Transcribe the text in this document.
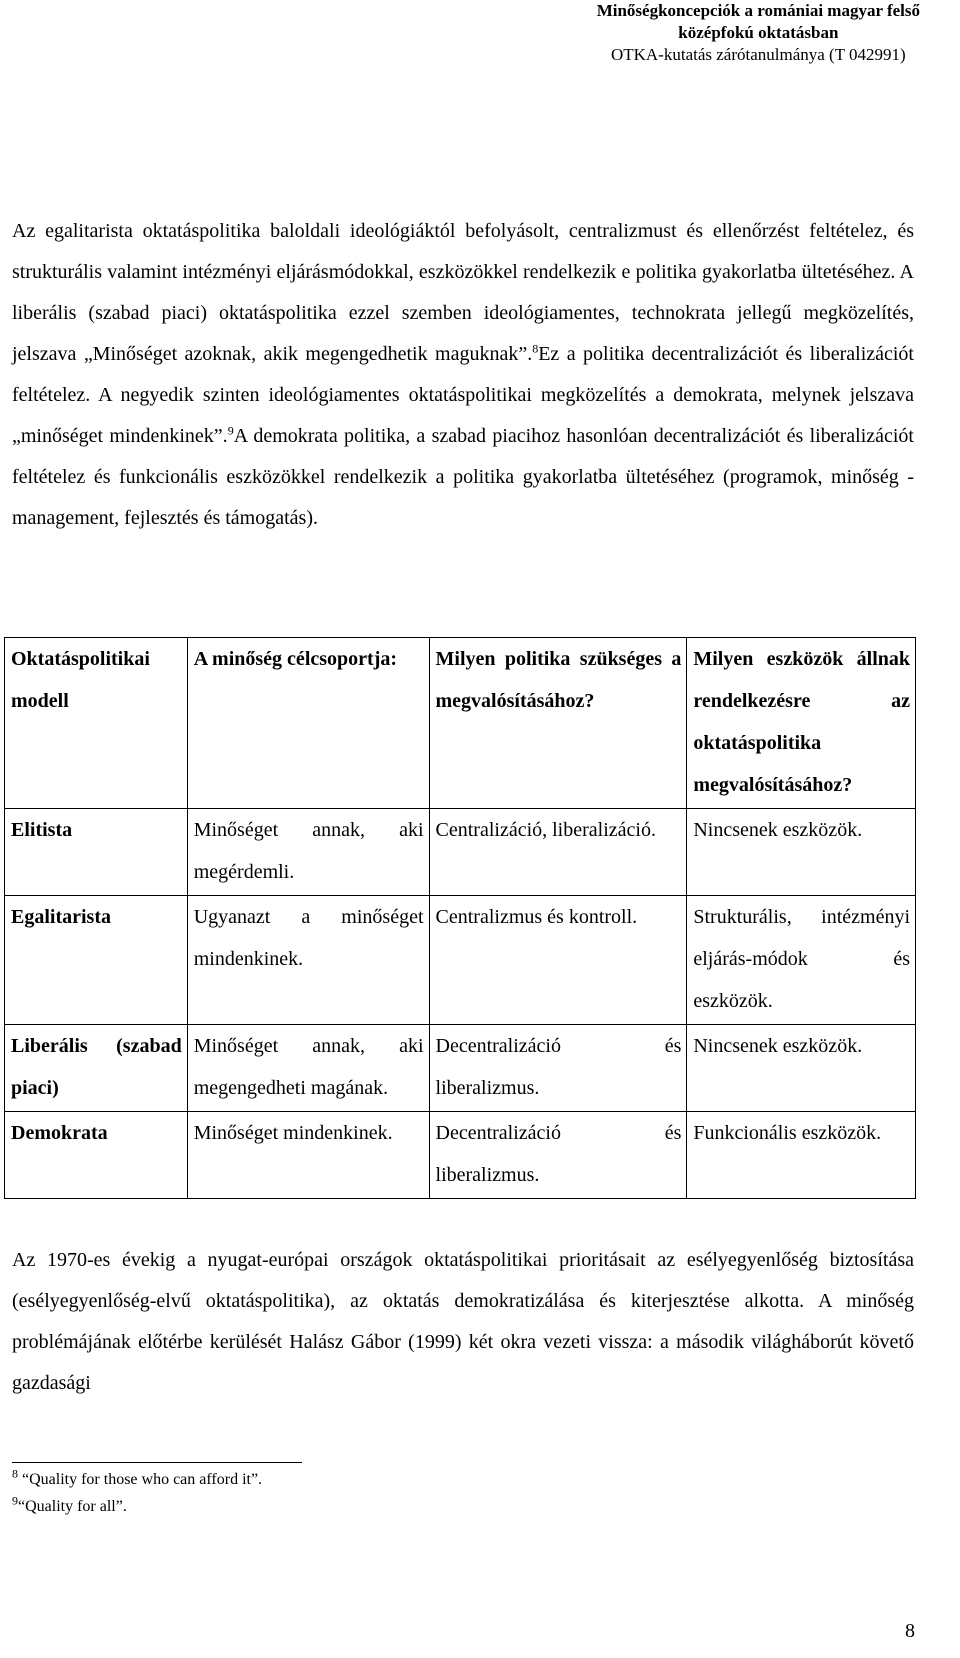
Minőségkoncepciók a romániai magyar felső
középfokú oktatásban
OTKA-kutatás zárótanulmánya (T 042991)
Az egalitarista oktatáspolitika baloldali ideológiáktól befolyásolt, centralizmust és ellenőrzést feltételez, és strukturális valamint intézményi eljárásmódokkal, eszközökkel rendelkezik e politika gyakorlatba ültetéséhez. A liberális (szabad piaci) oktatáspolitika ezzel szemben ideológiamentes, technokrata jellegű megközelítés, jelszava „Minőséget azoknak, akik megengedhetik maguknak”.$^8$Ez a politika decentralizációt és liberalizációt feltételez. A negyedik szinten ideológiamentes oktatáspolitikai megközelítés a demokrata, melynek jelszava „minőséget mindenkinek”.$^9$A demokrata politika, a szabad piacihoz hasonlóan decentralizációt és liberalizációt feltételez és funkcionális eszközökkel rendelkezik a politika gyakorlatba ültetéséhez (programok, minőség - management, fejlesztés és támogatás).
Oktatáspolitikai modell	A minőség célcsoportja:	Milyen politika szükséges a megvalósításához?	Milyen eszközök állnak rendelkezésre az oktatáspolitika megvalósításához?
Elitista	Minőséget annak, aki megérdemli.	Centralizáció, liberalizáció.	Nincsenek eszközök.
Egalitarista	Ugyanazt a minőséget mindenkinek.	Centralizmus és kontroll.	Strukturális, intézményi eljárás-módok és eszközök.
Liberális (szabad piaci)	Minőséget annak, aki megengedheti magának.	Decentralizáció és liberalizmus.	Nincsenek eszközök.
Demokrata	Minőséget mindenkinek.	Decentralizáció és liberalizmus.	Funkcionális eszközök.
Az 1970-es évekig a nyugat-európai országok oktatáspolitikai prioritásait az esélyegyenlőség biztosítása (esélyegyenlőség-elvű oktatáspolitika), az oktatás demokratizálása és kiterjesztése alkotta. A minőség problémájának előtérbe kerülését Halász Gábor (1999) két okra vezeti vissza: a második világháborút követő gazdasági
$^8$ “Quality for those who can afford it”.
$^9$“Quality for all”.
8
